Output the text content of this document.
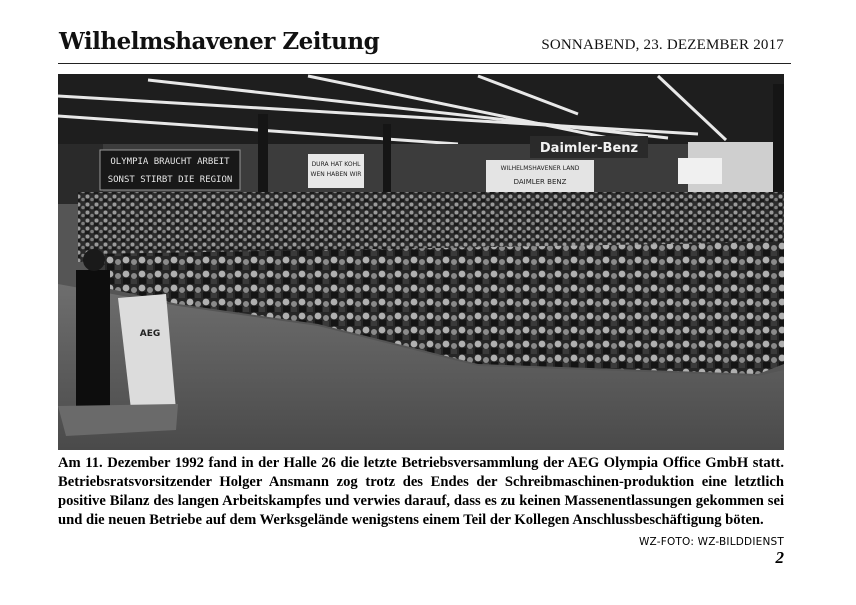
Wilhelmshavener Zeitung	SONNABEND, 23. DEZEMBER 2017
OLYMPIA BRAUCHT ARBEIT
SONST STIRBT DIE REGION
DURA HAT KOHL
WEN HABEN WIR
WILHELMSHAVENER LAND
DAIMLER BENZ
Daimler-Benz
AEG

Am 11. Dezember 1992 fand in der Halle 26 die letzte Betriebsversammlung der AEG Olympia Office GmbH statt. Betriebsratsvorsitzender Holger Ansmann zog trotz des Endes der Schreibmaschinen-produktion eine letztlich positive Bilanz des langen Arbeitskampfes und verwies darauf, dass es zu keinen Massenentlassungen gekommen sei und die neuen Betriebe auf dem Werksgelände wenigstens einem Teil der Kollegen Anschlussbeschäftigung böten.
WZ-FOTO: WZ-BILDDIENST

2
